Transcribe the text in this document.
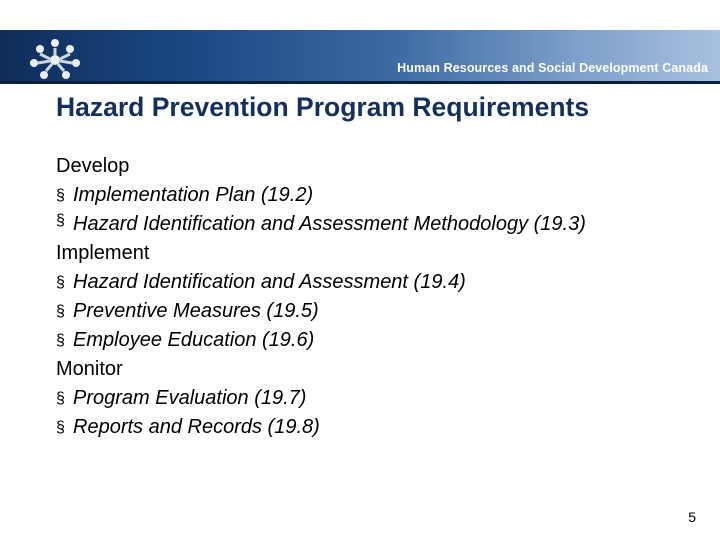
Human Resources and Social Development Canada
Hazard Prevention Program Requirements
Develop
§ Implementation Plan (19.2)
§ Hazard Identification and Assessment Methodology (19.3)
Implement
§ Hazard Identification and Assessment (19.4)
§ Preventive Measures (19.5)
§ Employee Education (19.6)
Monitor
§ Program Evaluation (19.7)
§ Reports and Records (19.8)
5
